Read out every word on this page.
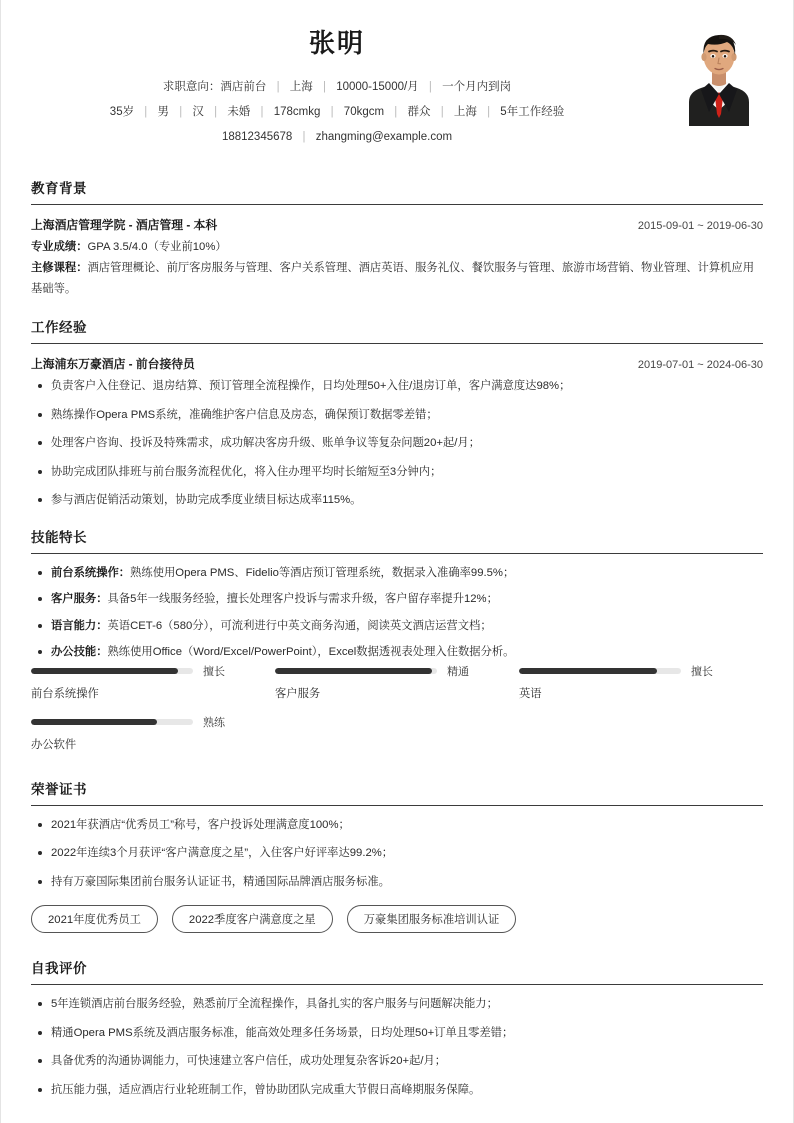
张明
求职意向：酒店前台 | 上海 | 10000-15000/月 | 一个月内到岗
35岁 | 男 | 汉 | 未婚 | 178cmkg | 70kgcm | 群众 | 上海 | 5年工作经验
18812345678 | zhangming@example.com
教育背景
上海酒店管理学院 - 酒店管理 - 本科	2015-09-01 ~ 2019-06-30
专业成绩：GPA 3.5/4.0（专业前10%）
主修课程：酒店管理概论、前厅客房服务与管理、客户关系管理、酒店英语、服务礼仪、餐饮服务与管理、旅游市场营销、物业管理、计算机应用基础等。
工作经验
上海浦东万豪酒店 - 前台接待员	2019-07-01 ~ 2024-06-30
负责客户入住登记、退房结算、预订管理全流程操作，日均处理50+入住/退房订单，客户满意度达98%；
熟练操作Opera PMS系统，准确维护客户信息及房态，确保预订数据零差错；
处理客户咨询、投诉及特殊需求，成功解决客房升级、账单争议等复杂问题20+起/月；
协助完成团队排班与前台服务流程优化，将入住办理平均时长缩短至3分钟内；
参与酒店促销活动策划，协助完成季度业绩目标达成率115%。
技能特长
前台系统操作：熟练使用Opera PMS、Fidelio等酒店预订管理系统，数据录入准确率99.5%；
客户服务：具备5年一线服务经验，擅长处理客户投诉与需求升级，客户留存率提升12%；
语言能力：英语CET-6（580分），可流利进行中英文商务沟通，阅读英文酒店运营文档；
办公技能：熟练使用Office（Word/Excel/PowerPoint），Excel数据透视表处理入住数据分析。
擅长
前台系统操作
精通
客户服务
擅长
英语
熟练
办公软件
荣誉证书
2021年获酒店“优秀员工”称号，客户投诉处理满意度100%；
2022年连续3个月获评“客户满意度之星”，入住客户好评率达99.2%；
持有万豪国际集团前台服务认证证书，精通国际品牌酒店服务标准。
2021年度优秀员工	2022季度客户满意度之星	万豪集团服务标准培训认证
自我评价
5年连锁酒店前台服务经验，熟悉前厅全流程操作，具备扎实的客户服务与问题解决能力；
精通Opera PMS系统及酒店服务标准，能高效处理多任务场景，日均处理50+订单且零差错；
具备优秀的沟通协调能力，可快速建立客户信任，成功处理复杂客诉20+起/月；
抗压能力强，适应酒店行业轮班制工作，曾协助团队完成重大节假日高峰期服务保障。
